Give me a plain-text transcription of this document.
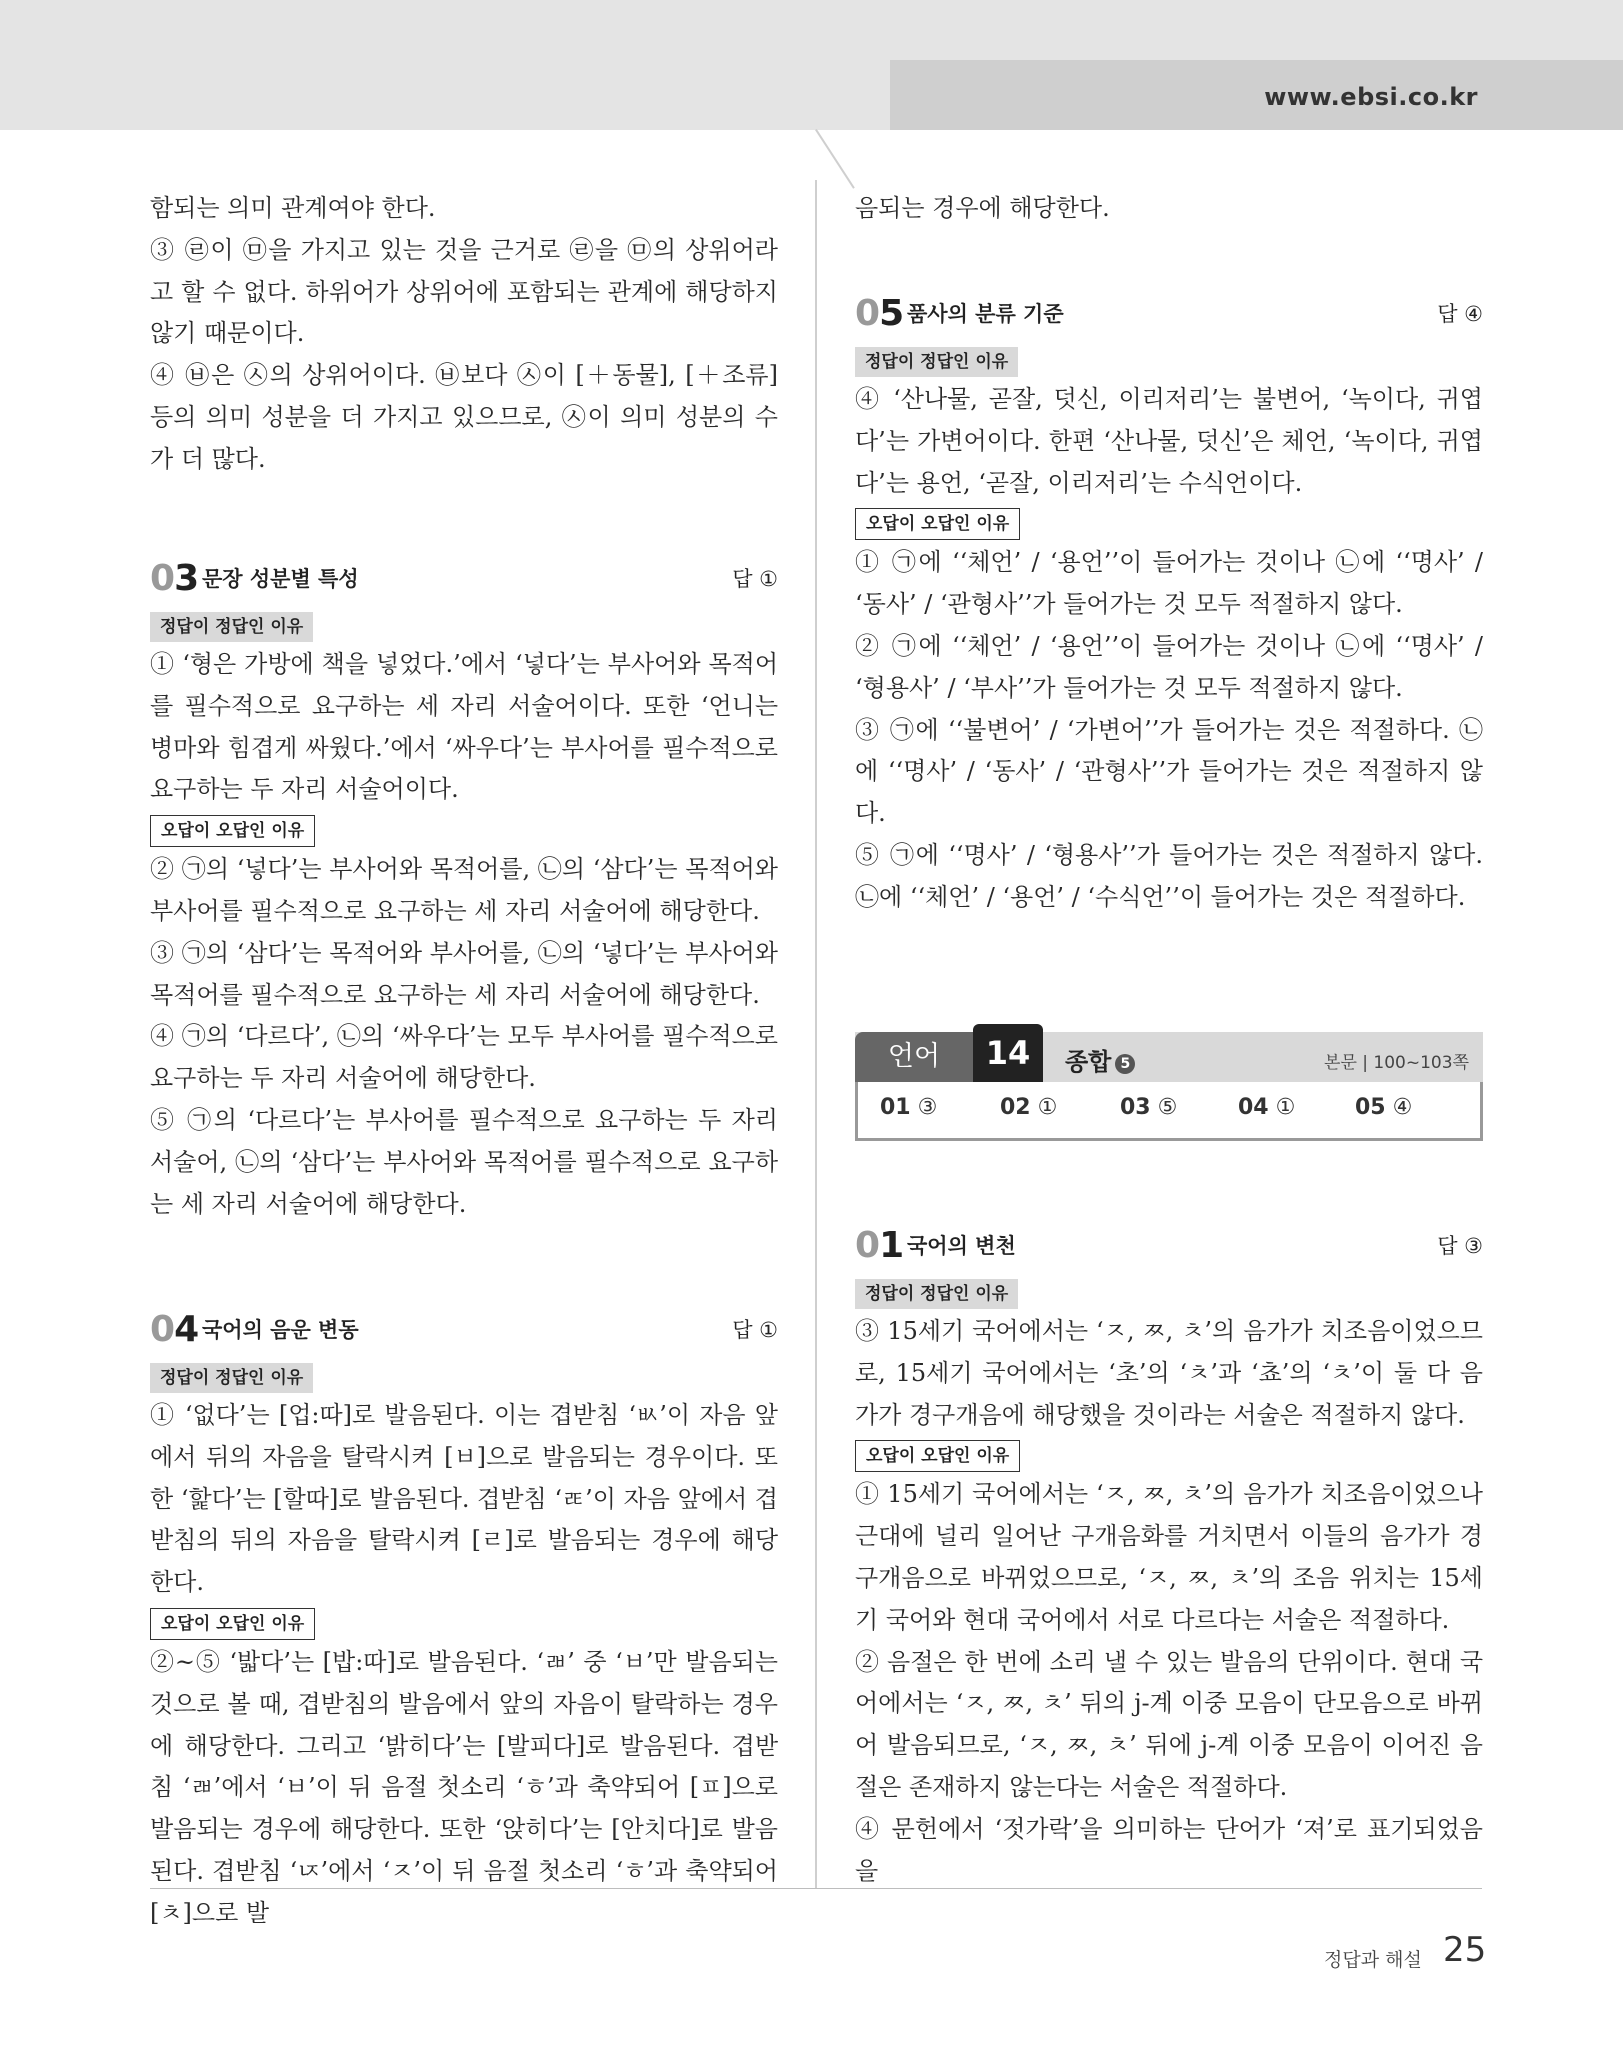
www.ebsi.co.kr

함되는 의미 관계여야 한다.

③ ㉣이 ㉤을 가지고 있는 것을 근거로 ㉣을 ㉤의 상위어라고 할 수 없다. 하위어가 상위어에 포함되는 관계에 해당하지 않기 때문이다.

④ ㉥은 ㉦의 상위어이다. ㉥보다 ㉦이 [＋동물], [＋조류] 등의 의미 성분을 더 가지고 있으므로, ㉦이 의미 성분의 수가 더 많다.

03 문장 성분별 특성	답 ①
정답이 정답인 이유

① ‘형은 가방에 책을 넣었다.’에서 ‘넣다’는 부사어와 목적어를 필수적으로 요구하는 세 자리 서술어이다. 또한 ‘언니는 병마와 힘겹게 싸웠다.’에서 ‘싸우다’는 부사어를 필수적으로 요구하는 두 자리 서술어이다.

오답이 오답인 이유

② ㉠의 ‘넣다’는 부사어와 목적어를, ㉡의 ‘삼다’는 목적어와 부사어를 필수적으로 요구하는 세 자리 서술어에 해당한다.

③ ㉠의 ‘삼다’는 목적어와 부사어를, ㉡의 ‘넣다’는 부사어와 목적어를 필수적으로 요구하는 세 자리 서술어에 해당한다.

④ ㉠의 ‘다르다’, ㉡의 ‘싸우다’는 모두 부사어를 필수적으로 요구하는 두 자리 서술어에 해당한다.

⑤ ㉠의 ‘다르다’는 부사어를 필수적으로 요구하는 두 자리 서술어, ㉡의 ‘삼다’는 부사어와 목적어를 필수적으로 요구하는 세 자리 서술어에 해당한다.

04 국어의 음운 변동	답 ①
정답이 정답인 이유

① ‘없다’는 [업:따]로 발음된다. 이는 겹받침 ‘ㅄ’이 자음 앞에서 뒤의 자음을 탈락시켜 [ㅂ]으로 발음되는 경우이다. 또한 ‘핥다’는 [할따]로 발음된다. 겹받침 ‘ㄾ’이 자음 앞에서 겹받침의 뒤의 자음을 탈락시켜 [ㄹ]로 발음되는 경우에 해당한다.

오답이 오답인 이유

②~⑤ ‘밟다’는 [밥:따]로 발음된다. ‘ㄼ’ 중 ‘ㅂ’만 발음되는 것으로 볼 때, 겹받침의 발음에서 앞의 자음이 탈락하는 경우에 해당한다. 그리고 ‘밝히다’는 [발피다]로 발음된다. 겹받침 ‘ㄼ’에서 ‘ㅂ’이 뒤 음절 첫소리 ‘ㅎ’과 축약되어 [ㅍ]으로 발음되는 경우에 해당한다. 또한 ‘앉히다’는 [안치다]로 발음된다. 겹받침 ‘ㄵ’에서 ‘ㅈ’이 뒤 음절 첫소리 ‘ㅎ’과 축약되어 [ㅊ]으로 발

음되는 경우에 해당한다.

05 품사의 분류 기준	답 ④
정답이 정답인 이유

④ ‘산나물, 곧잘, 덧신, 이리저리’는 불변어, ‘녹이다, 귀엽다’는 가변어이다. 한편 ‘산나물, 덧신’은 체언, ‘녹이다, 귀엽다’는 용언, ‘곧잘, 이리저리’는 수식언이다.

오답이 오답인 이유

① ㉠에 ‘‘체언’ / ‘용언’’이 들어가는 것이나 ㉡에 ‘‘명사’ / ‘동사’ / ‘관형사’’가 들어가는 것 모두 적절하지 않다.

② ㉠에 ‘‘체언’ / ‘용언’’이 들어가는 것이나 ㉡에 ‘‘명사’ / ‘형용사’ / ‘부사’’가 들어가는 것 모두 적절하지 않다.

③ ㉠에 ‘‘불변어’ / ‘가변어’’가 들어가는 것은 적절하다. ㉡에 ‘‘명사’ / ‘동사’ / ‘관형사’’가 들어가는 것은 적절하지 않다.

⑤ ㉠에 ‘‘명사’ / ‘형용사’’가 들어가는 것은 적절하지 않다. ㉡에 ‘‘체언’ / ‘용언’ / ‘수식언’’이 들어가는 것은 적절하다.

언어	14	종합 5	본문 | 100~103쪽
01 ③	02 ①	03 ⑤	04 ①	05 ④
01 국어의 변천	답 ③
정답이 정답인 이유

③ 15세기 국어에서는 ‘ㅈ, ㅉ, ㅊ’의 음가가 치조음이었으므로, 15세기 국어에서는 ‘초’의 ‘ㅊ’과 ‘쵸’의 ‘ㅊ’이 둘 다 음가가 경구개음에 해당했을 것이라는 서술은 적절하지 않다.

오답이 오답인 이유

① 15세기 국어에서는 ‘ㅈ, ㅉ, ㅊ’의 음가가 치조음이었으나 근대에 널리 일어난 구개음화를 거치면서 이들의 음가가 경구개음으로 바뀌었으므로, ‘ㅈ, ㅉ, ㅊ’의 조음 위치는 15세기 국어와 현대 국어에서 서로 다르다는 서술은 적절하다.

② 음절은 한 번에 소리 낼 수 있는 발음의 단위이다. 현대 국어에서는 ‘ㅈ, ㅉ, ㅊ’ 뒤의 j-계 이중 모음이 단모음으로 바뀌어 발음되므로, ‘ㅈ, ㅉ, ㅊ’ 뒤에 j-계 이중 모음이 이어진 음절은 존재하지 않는다는 서술은 적절하다.

④ 문헌에서 ‘젓가락’을 의미하는 단어가 ‘져’로 표기되었음을

정답과 해설 25
